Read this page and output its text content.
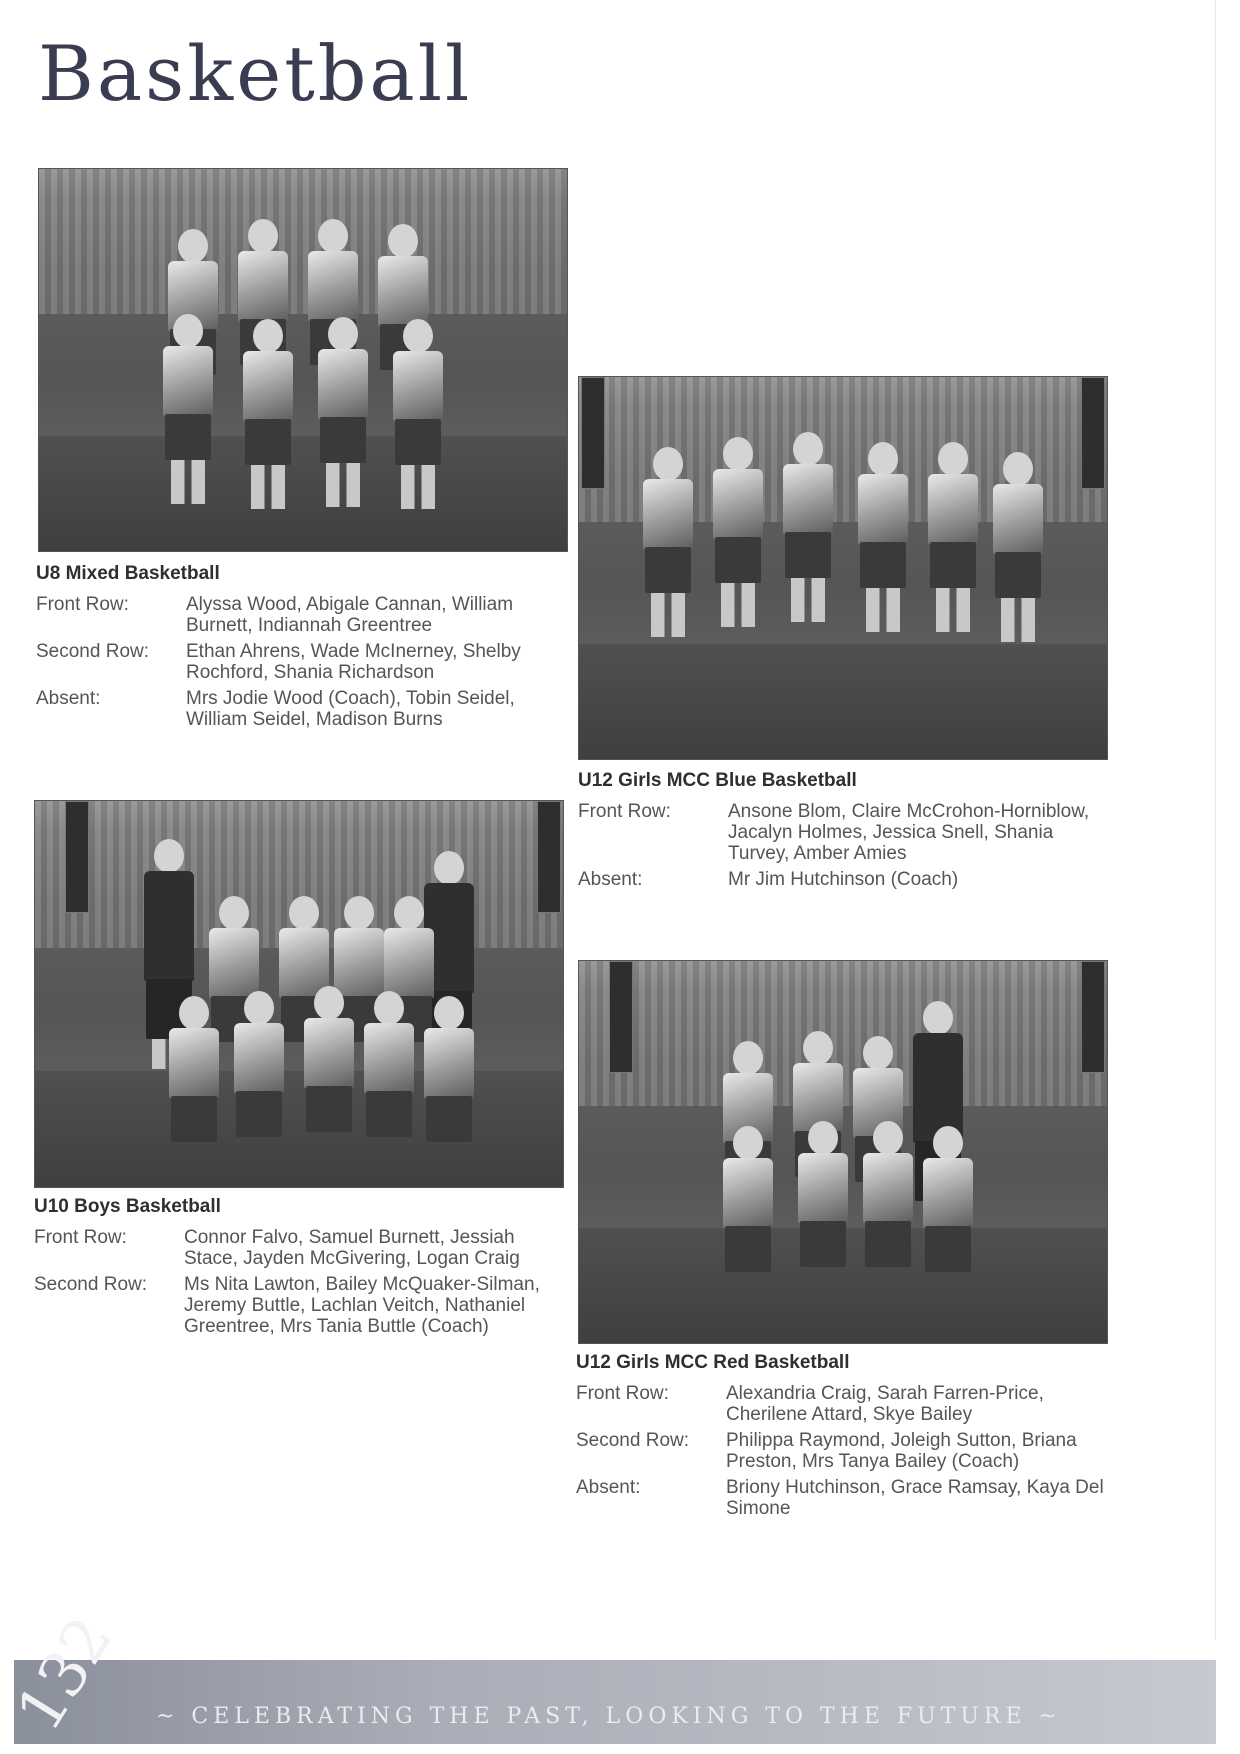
Basketball
U8 Mixed Basketball
Front Row:	Alyssa Wood, Abigale Cannan, William Burnett, Indiannah Greentree
Second Row:	Ethan Ahrens, Wade McInerney, Shelby Rochford, Shania Richardson
Absent:	Mrs Jodie Wood (Coach), Tobin Seidel, William Seidel, Madison Burns
U12 Girls MCC Blue Basketball
Front Row:	Ansone Blom, Claire McCrohon-Horniblow, Jacalyn Holmes, Jessica Snell, Shania Turvey, Amber Amies
Absent:	Mr Jim Hutchinson (Coach)
U10 Boys Basketball
Front Row:	Connor Falvo, Samuel Burnett, Jessiah Stace, Jayden McGivering, Logan Craig
Second Row:	Ms Nita Lawton, Bailey McQuaker-Silman, Jeremy Buttle, Lachlan Veitch, Nathaniel Greentree, Mrs Tania Buttle (Coach)
U12 Girls MCC Red Basketball
Front Row:	Alexandria Craig, Sarah Farren-Price, Cherilene Attard, Skye Bailey
Second Row:	Philippa Raymond, Joleigh Sutton, Briana Preston, Mrs Tanya Bailey (Coach)
Absent:	Briony Hutchinson, Grace Ramsay, Kaya Del Simone
132 ~ CELEBRATING THE PAST, LOOKING TO THE FUTURE ~
